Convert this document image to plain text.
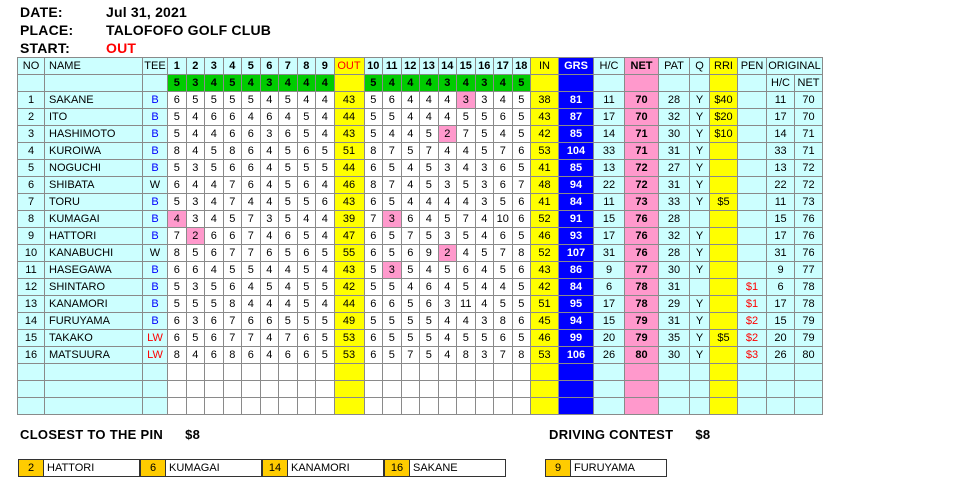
DATE:	Jul 31, 2021
PLACE: TALOFOFO GOLF CLUB
START:	OUT
NO	NAME	TEE	1	2	3	4	5	6	7	8	9	OUT	10	11	12	13	14	15	16	17	18	IN	GRS	H/C	NET	PAT	Q	RRI	PEN	ORIGINAL	
			5	3	4	5	4	3	4	4	4		5	4	4	4	3	4	3	4	5									H/C	NET
1	SAKANE	B	6	5	5	5	5	4	5	4	4	43	5	6	4	4	4	3	3	4	5	38	81	11	70	28	Y	$40		11	70
2	ITO	B	5	4	6	6	4	6	4	5	4	44	5	5	4	4	4	5	5	6	5	43	87	17	70	32	Y	$20		17	70
3	HASHIMOTO	B	5	4	4	6	6	3	6	5	4	43	5	4	4	5	2	7	5	4	5	42	85	14	71	30	Y	$10		14	71
4	KUROIWA	B	8	4	5	8	6	4	5	6	5	51	8	7	5	7	4	4	5	7	6	53	104	33	71	31	Y			33	71
5	NOGUCHI	B	5	3	5	6	6	4	5	5	5	44	6	5	4	5	3	4	3	6	5	41	85	13	72	27	Y			13	72
6	SHIBATA	W	6	4	4	7	6	4	5	6	4	46	8	7	4	5	3	5	3	6	7	48	94	22	72	31	Y			22	72
7	TORU	B	5	3	4	7	4	4	5	5	6	43	6	5	4	4	4	4	3	5	6	41	84	11	73	33	Y	$5		11	73
8	KUMAGAI	B	4	3	4	5	7	3	5	4	4	39	7	3	6	4	5	7	4	10	6	52	91	15	76	28				15	76
9	HATTORI	B	7	2	6	6	7	4	6	5	4	47	6	5	7	5	3	5	4	6	5	46	93	17	76	32	Y			17	76
10	KANABUCHI	W	8	5	6	7	7	6	5	6	5	55	6	5	6	9	2	4	5	7	8	52	107	31	76	28	Y			31	76
11	HASEGAWA	B	6	6	4	5	5	4	4	5	4	43	5	3	5	4	5	6	4	5	6	43	86	9	77	30	Y			9	77
12	SHINTARO	B	5	3	5	6	4	5	4	5	5	42	5	5	4	6	4	5	4	4	5	42	84	6	78	31			$1	6	78
13	KANAMORI	B	5	5	5	8	4	4	4	5	4	44	6	6	5	6	3	11	4	5	5	51	95	17	78	29	Y		$1	17	78
14	FURUYAMA	B	6	3	6	7	6	6	5	5	5	49	5	5	5	5	4	4	3	8	6	45	94	15	79	31	Y		$2	15	79
15	TAKAKO	LW	6	5	6	7	7	4	7	6	5	53	6	5	5	5	4	5	5	6	5	46	99	20	79	35	Y	$5	$2	20	79
16	MATSUURA	LW	8	4	6	8	6	4	6	6	5	53	6	5	7	5	4	8	3	7	8	53	106	26	80	30	Y		$3	26	80

CLOSEST TO THE PIN $8	DRIVING CONTEST $8
2	HATTORI	6	KUMAGAI	14 KANAMORI	16 SAKANE	9	FURUYAMA
